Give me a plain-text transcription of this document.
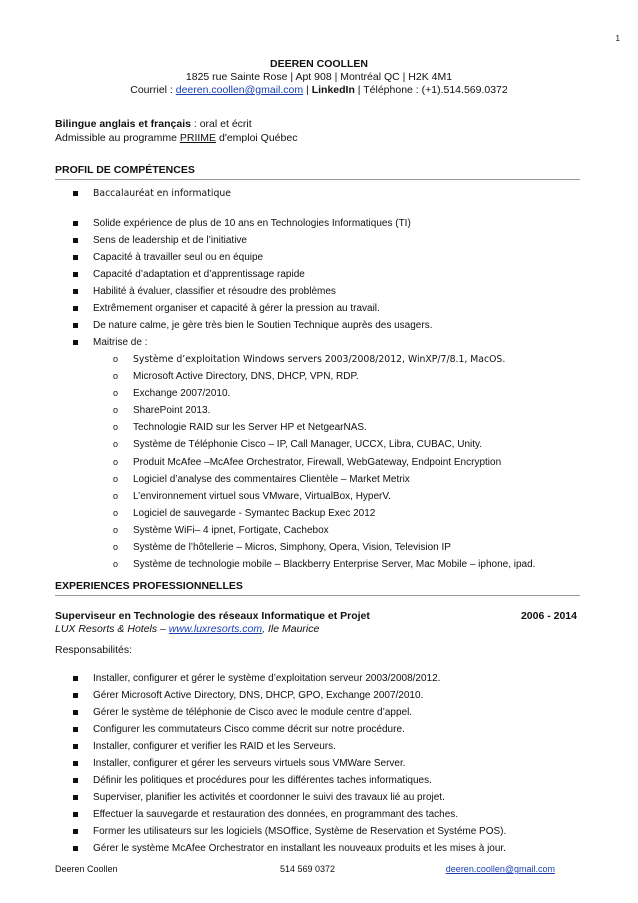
1
DEEREN COOLLEN
1825 rue Sainte Rose | Apt 908 | Montréal QC | H2K 4M1
Courriel : deeren.coollen@gmail.com | LinkedIn | Téléphone : (+1).514.569.0372
Bilingue anglais et français : oral et écrit
Admissible au programme PRIIME d'emploi Québec
PROFIL DE COMPÉTENCES
Baccalauréat en informatique
Solide expérience de plus de 10 ans en Technologies Informatiques (TI)
Sens de leadership et de l’initiative
Capacité à travailler seul ou en équipe
Capacité d’adaptation et d’apprentissage rapide
Habilité à évaluer, classifier et résoudre des problèmes
Extrêmement organiser et capacité à gérer la pression au travail.
De nature calme, je gère très bien le Soutien Technique auprès des usagers.
Maitrise de :
o Système d’exploitation Windows servers 2003/2008/2012, WinXP/7/8.1, MacOS.
o Microsoft Active Directory, DNS, DHCP, VPN, RDP.
o Exchange 2007/2010.
o SharePoint 2013.
o Technologie RAID sur les Server HP et NetgearNAS.
o Système de Téléphonie Cisco – IP, Call Manager, UCCX, Libra, CUBAC, Unity.
o Produit McAfee –McAfee Orchestrator, Firewall, WebGateway, Endpoint Encryption
o Logiciel d’analyse des commentaires Clientèle – Market Metrix
o L’environnement virtuel sous VMware, VirtualBox, HyperV.
o Logiciel de sauvegarde - Symantec Backup Exec 2012
o Système WiFi– 4 ipnet, Fortigate, Cachebox
o Système de l’hôtellerie – Micros, Simphony, Opera, Vision, Television IP
o Système de technologie mobile – Blackberry Enterprise Server, Mac Mobile – iphone, ipad.
EXPERIENCES PROFESSIONNELLES
Superviseur en Technologie des réseaux Informatique et Projet	2006 - 2014
LUX Resorts & Hotels – www.luxresorts.com, Ile Maurice
Responsabilités:
Installer, configurer et gérer le système d’exploitation serveur 2003/2008/2012.
Gérer Microsoft Active Directory, DNS, DHCP, GPO, Exchange 2007/2010.
Gérer le système de téléphonie de Cisco avec le module centre d’appel.
Configurer les commutateurs Cisco comme décrit sur notre procédure.
Installer, configurer et verifier les RAID et les Serveurs.
Installer, configurer et gérer les serveurs virtuels sous VMWare Server.
Définir les politiques et procédures pour les différentes taches informatiques.
Superviser, planifier les activités et coordonner le suivi des travaux lié au projet.
Effectuer la sauvegarde et restauration des données, en programmant des taches.
Former les utilisateurs sur les logiciels (MSOffice, Système de Reservation et Systéme POS).
Gérer le système McAfee Orchestrator en installant les nouveaux produits et les mises à jour.
Deeren Coollen	514 569 0372	deeren.coollen@gmail.com
